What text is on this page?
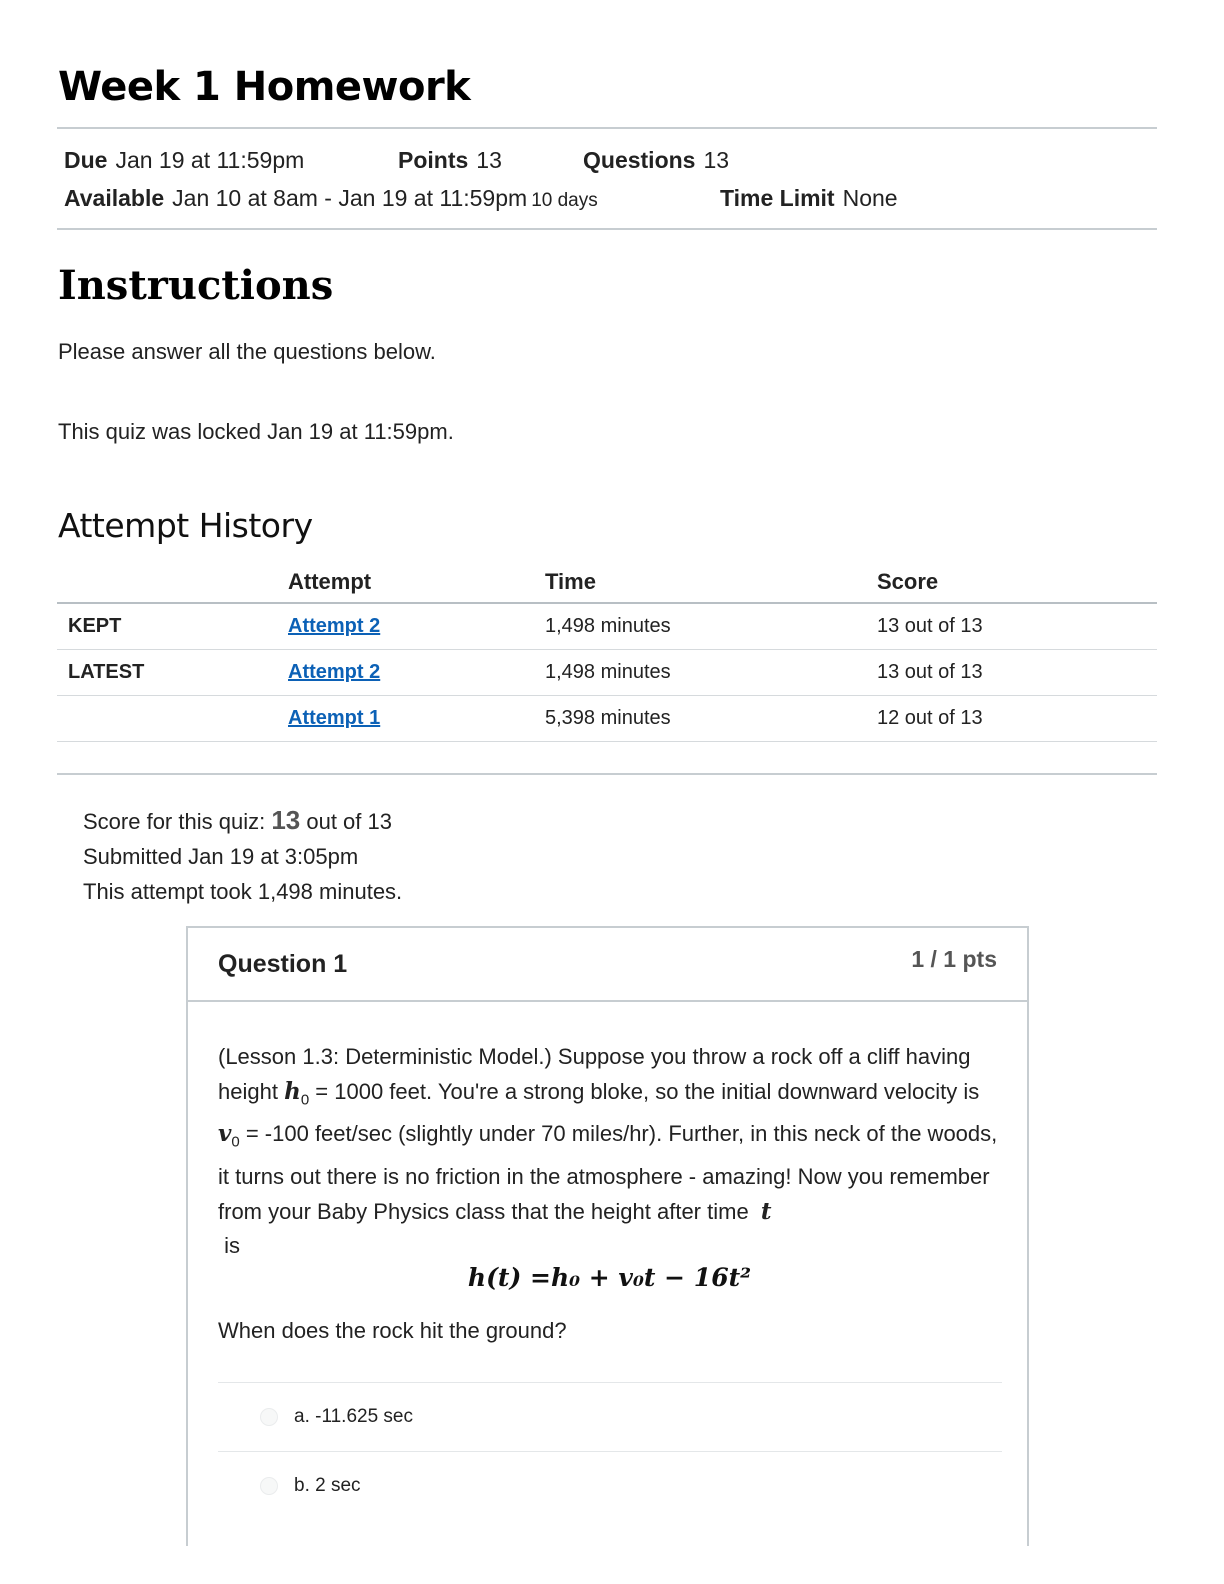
Week 1 Homework
Due Jan 19 at 11:59pm	Points 13	Questions 13
Available Jan 10 at 8am - Jan 19 at 11:59pm 10 days	Time Limit None
Instructions

Please answer all the questions below.

This quiz was locked Jan 19 at 11:59pm.

Attempt History
	Attempt	Time	Score
KEPT	Attempt 2	1,498 minutes	13 out of 13
LATEST	Attempt 2	1,498 minutes	13 out of 13
	Attempt 1	5,398 minutes	12 out of 13
Score for this quiz: 13 out of 13
Submitted Jan 19 at 3:05pm
This attempt took 1,498 minutes.
Question 1	1 / 1 pts
(Lesson 1.3: Deterministic Model.) Suppose you throw a rock off a cliff having height $h_0 = 1000$ feet. You're a strong bloke, so the initial downward velocity is $v_0 = -100$ feet/sec (slightly under 70 miles/hr). Further, in this neck of the woods, it turns out there is no friction in the atmosphere - amazing! Now you remember from your Baby Physics class that the height after time t
is
h(t) =h₀ + v₀t − 16t²
When does the rock hit the ground?
a. -11.625 sec
b. 2 sec
